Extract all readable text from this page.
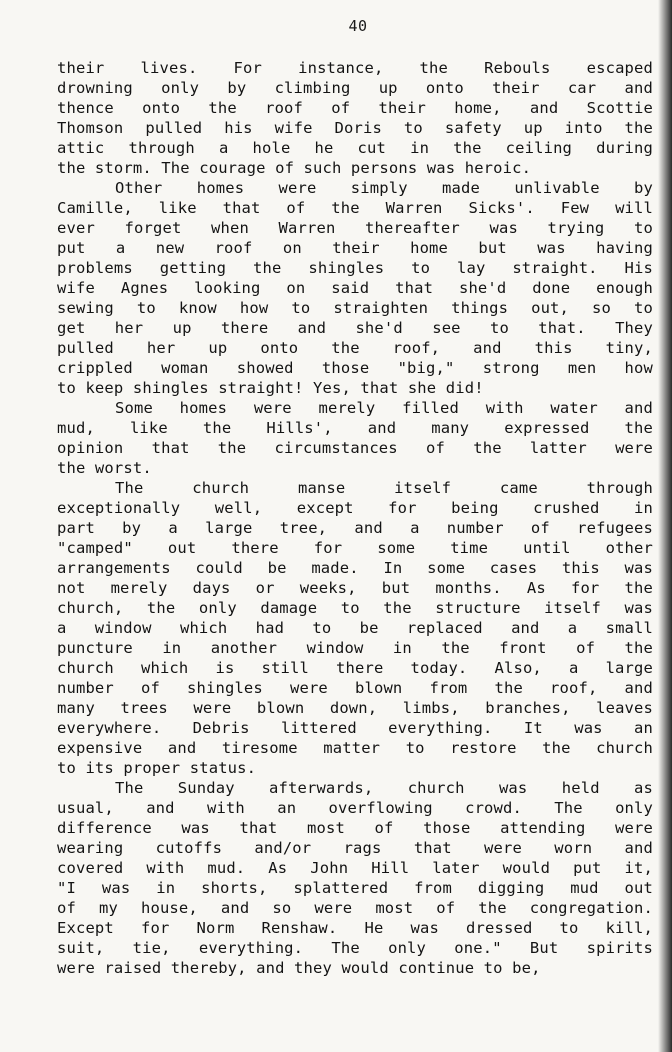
40
their lives. For instance, the Rebouls escaped
drowning only by climbing up onto their car and
thence onto the roof of their home, and Scottie
Thomson pulled his wife Doris to safety up into the
attic through a hole he cut in the ceiling during
the storm. The courage of such persons was heroic.
Other homes were simply made unlivable by
Camille, like that of the Warren Sicks'. Few will
ever forget when Warren thereafter was trying to
put a new roof on their home but was having
problems getting the shingles to lay straight. His
wife Agnes looking on said that she'd done enough
sewing to know how to straighten things out, so to
get her up there and she'd see to that. They
pulled her up onto the roof, and this tiny,
crippled woman showed those "big," strong men how
to keep shingles straight! Yes, that she did!
Some homes were merely filled with water and
mud, like the Hills', and many expressed the
opinion that the circumstances of the latter were
the worst.
The church manse itself came through
exceptionally well, except for being crushed in
part by a large tree, and a number of refugees
"camped" out there for some time until other
arrangements could be made. In some cases this was
not merely days or weeks, but months. As for the
church, the only damage to the structure itself was
a window which had to be replaced and a small
puncture in another window in the front of the
church which is still there today. Also, a large
number of shingles were blown from the roof, and
many trees were blown down, limbs, branches, leaves
everywhere. Debris littered everything. It was an
expensive and tiresome matter to restore the church
to its proper status.
The Sunday afterwards, church was held as
usual, and with an overflowing crowd. The only
difference was that most of those attending were
wearing cutoffs and/or rags that were worn and
covered with mud. As John Hill later would put it,
"I was in shorts, splattered from digging mud out
of my house, and so were most of the congregation.
Except for Norm Renshaw. He was dressed to kill,
suit, tie, everything. The only one." But spirits
were raised thereby, and they would continue to be,
